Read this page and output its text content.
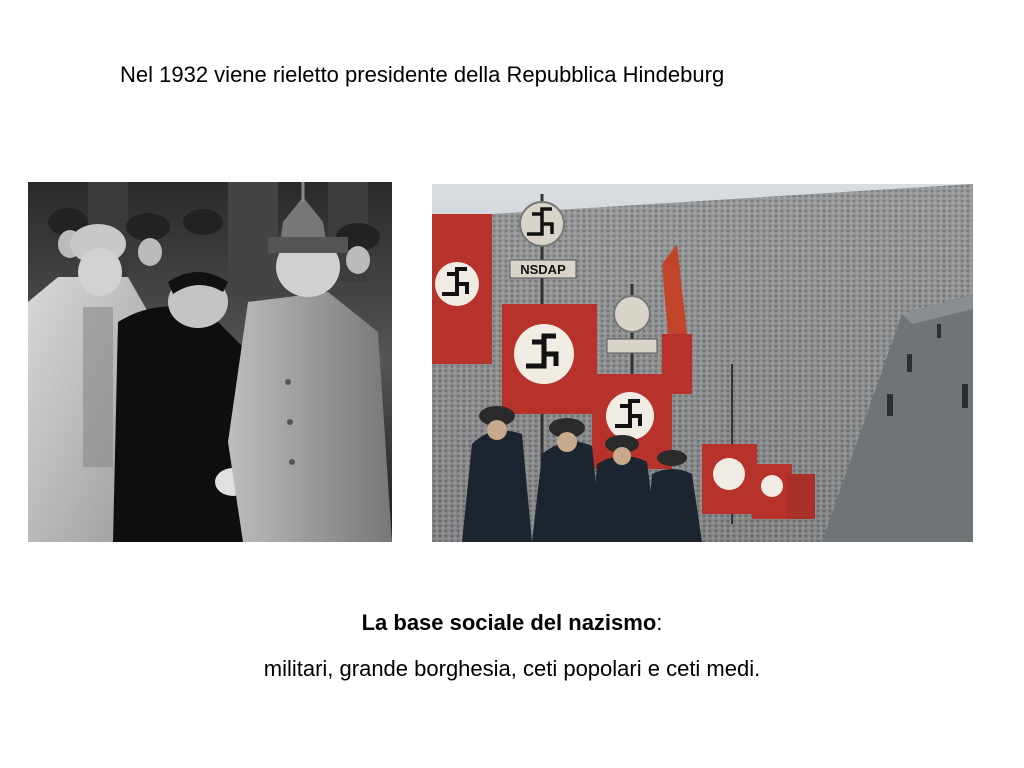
Nel 1932 viene rieletto presidente della Repubblica Hindeburg
NSDAP
La base sociale del nazismo:
militari, grande borghesia, ceti popolari e ceti medi.
